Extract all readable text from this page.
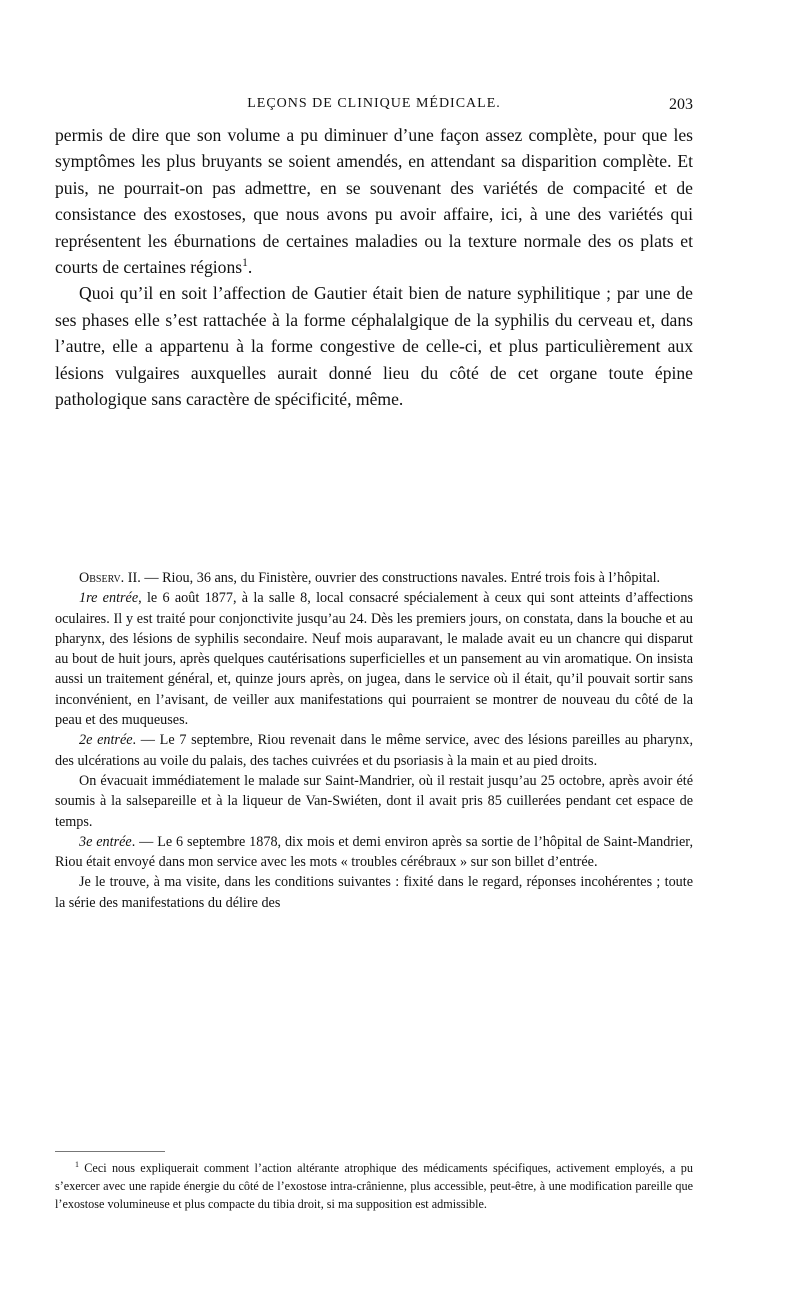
LEÇONS DE CLINIQUE MÉDICALE.	203

permis de dire que son volume a pu diminuer d’une façon assez complète, pour que les symptômes les plus bruyants se soient amendés, en attendant sa disparition complète. Et puis, ne pourrait-on pas admettre, en se souvenant des variétés de compacité et de consistance des exostoses, que nous avons pu avoir affaire, ici, à une des variétés qui représentent les éburnations de certaines maladies ou la texture normale des os plats et courts de certaines régions$^1$.

Quoi qu’il en soit l’affection de Gautier était bien de nature syphilitique ; par une de ses phases elle s’est rattachée à la forme céphalalgique de la syphilis du cerveau et, dans l’autre, elle a appartenu à la forme congestive de celle-ci, et plus particulièrement aux lésions vulgaires auxquelles aurait donné lieu du côté de cet organe toute épine pathologique sans caractère de spécificité, même.

Observ. II. — Riou, 36 ans, du Finistère, ouvrier des constructions navales. Entré trois fois à l’hôpital.

1re entrée, le 6 août 1877, à la salle 8, local consacré spécialement à ceux qui sont atteints d’affections oculaires. Il y est traité pour conjonctivite jusqu’au 24. Dès les premiers jours, on constata, dans la bouche et au pharynx, des lésions de syphilis secondaire. Neuf mois auparavant, le malade avait eu un chancre qui disparut au bout de huit jours, après quelques cautérisations superficielles et un pansement au vin aromatique. On insista aussi un traitement général, et, quinze jours après, on jugea, dans le service où il était, qu’il pouvait sortir sans inconvénient, en l’avisant, de veiller aux manifestations qui pourraient se montrer de nouveau du côté de la peau et des muqueuses.

2e entrée. — Le 7 septembre, Riou revenait dans le même service, avec des lésions pareilles au pharynx, des ulcérations au voile du palais, des taches cuivrées et du psoriasis à la main et au pied droits.

On évacuait immédiatement le malade sur Saint-Mandrier, où il restait jusqu’au 25 octobre, après avoir été soumis à la salsepareille et à la liqueur de Van-Swiéten, dont il avait pris 85 cuillerées pendant cet espace de temps.

3e entrée. — Le 6 septembre 1878, dix mois et demi environ après sa sortie de l’hôpital de Saint-Mandrier, Riou était envoyé dans mon service avec les mots « troubles cérébraux » sur son billet d’entrée.

Je le trouve, à ma visite, dans les conditions suivantes : fixité dans le regard, réponses incohérentes ; toute la série des manifestations du délire des

$^1$ Ceci nous expliquerait comment l’action altérante atrophique des médicaments spécifiques, activement employés, a pu s’exercer avec une rapide énergie du côté de l’exostose intra-crânienne, plus accessible, peut-être, à une modification pareille que l’exostose volumineuse et plus compacte du tibia droit, si ma supposition est admissible.
